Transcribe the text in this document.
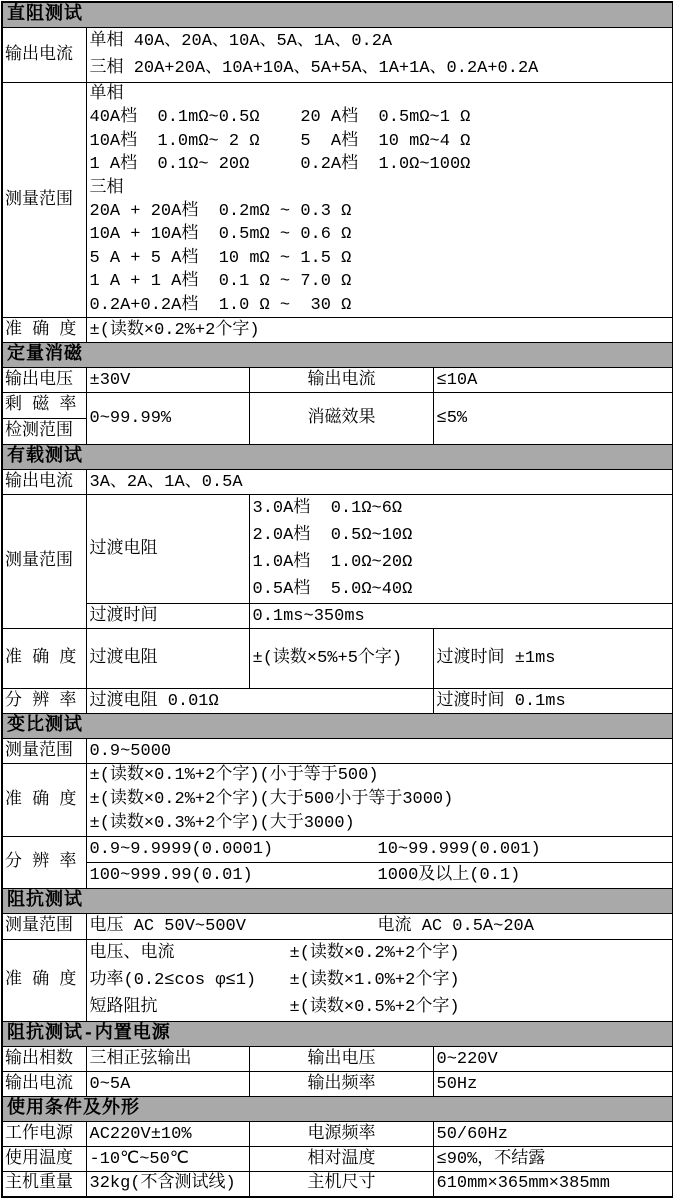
直阻测试			
输出电流	单相 40A、20A、10A、5A、1A、0.2A
三相 20A+20A、10A+10A、5A+5A、1A+1A、0.2A+0.2A		

测量范围	
单相
40A档  0.1mΩ~0.5Ω    20 A档  0.5mΩ~1 Ω
10A档  1.0mΩ~ 2 Ω    5  A档  10 mΩ~4 Ω
1 A档  0.1Ω~ 20Ω     0.2A档  1.0Ω~100Ω
三相
20A + 20A档  0.2mΩ ~ 0.3 Ω
10A + 10A档  0.5mΩ ~ 0.6 Ω
5 A + 5 A档  10 mΩ ~ 1.5 Ω
1 A + 1 A档  0.1 Ω ~ 7.0 Ω
0.2A+0.2A档  1.0 Ω ~  30 Ω

准 确 度	±(读数×0.2%+2个字)		
定量消磁			
输出电压	±30V	输出电流	≤10A

剩 磁 率
检测范围	0~99.99%	消磁效果	≤5%
有载测试			
输出电流	3A、2A、1A、0.5A		
测量范围	过渡电阻	3.0A档  0.1Ω~6Ω
2.0A档  0.5Ω~10Ω
1.0A档  1.0Ω~20Ω
0.5A档  5.0Ω~40Ω	

	过渡时间	0.1ms~350ms	
准 确 度	过渡电阻	±(读数×5%+5个字)	过渡时间 ±1ms
分 辨 率	过渡电阻 0.01Ω		过渡时间 0.1ms
变比测试			
测量范围	0.9~5000		
准 确 度	±(读数×0.1%+2个字)(小于等于500)
±(读数×0.2%+2个字)(大于500小于等于3000)
±(读数×0.3%+2个字)(大于3000)		

分 辨 率	0.9~9.9999(0.0001) 10~99.999(0.001)		

	100~999.99(0.01) 1000及以上(0.1)		

阻抗测试			
测量范围	电压 AC 50V~500V 电流 AC 0.5A~20A		

准 确 度	
电压、电流	±(读数×0.2%+2个字)
功率(0.2≤cos φ≤1)	±(读数×1.0%+2个字)
短路阻抗	±(读数×0.5%+2个字)

阻抗测试-内置电源			
输出相数	三相正弦输出	输出电压	0~220V
输出电流	0~5A	输出频率	50Hz
使用条件及外形			
工作电源	AC220V±10%	电源频率	50/60Hz
使用温度	-10℃~50℃	相对温度	≤90%，不结露
主机重量	32kg(不含测试线)	主机尺寸	610mm×365mm×385mm
